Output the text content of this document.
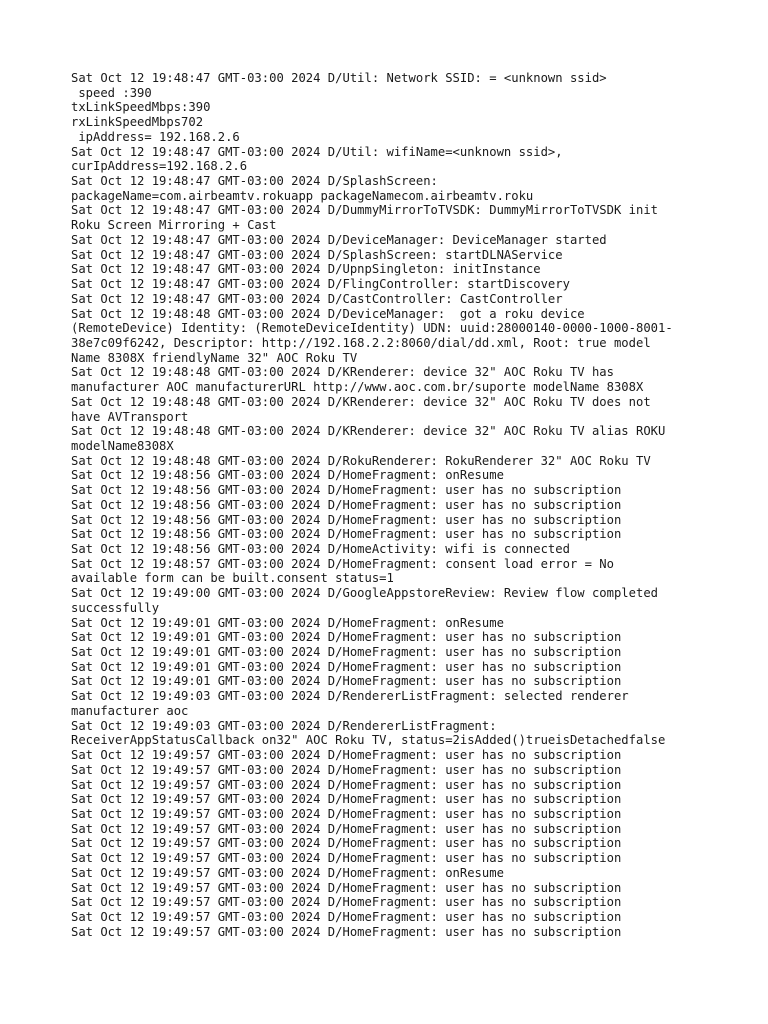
Sat Oct 12 19:48:47 GMT-03:00 2024 D/Util: Network SSID: = <unknown ssid>
speed :390
txLinkSpeedMbps:390
rxLinkSpeedMbps702
ipAddress= 192.168.2.6
Sat Oct 12 19:48:47 GMT-03:00 2024 D/Util: wifiName=<unknown ssid>,
curIpAddress=192.168.2.6
Sat Oct 12 19:48:47 GMT-03:00 2024 D/SplashScreen:
packageName=com.airbeamtv.rokuapp packageNamecom.airbeamtv.roku
Sat Oct 12 19:48:47 GMT-03:00 2024 D/DummyMirrorToTVSDK: DummyMirrorToTVSDK init
Roku Screen Mirroring + Cast
Sat Oct 12 19:48:47 GMT-03:00 2024 D/DeviceManager: DeviceManager started
Sat Oct 12 19:48:47 GMT-03:00 2024 D/SplashScreen: startDLNAService
Sat Oct 12 19:48:47 GMT-03:00 2024 D/UpnpSingleton: initInstance
Sat Oct 12 19:48:47 GMT-03:00 2024 D/FlingController: startDiscovery
Sat Oct 12 19:48:47 GMT-03:00 2024 D/CastController: CastController
Sat Oct 12 19:48:48 GMT-03:00 2024 D/DeviceManager:  got a roku device
(RemoteDevice) Identity: (RemoteDeviceIdentity) UDN: uuid:28000140-0000-1000-8001-
38e7c09f6242, Descriptor: http://192.168.2.2:8060/dial/dd.xml, Root: true model
Name 8308X friendlyName 32" AOC Roku TV
Sat Oct 12 19:48:48 GMT-03:00 2024 D/KRenderer: device 32" AOC Roku TV has
manufacturer AOC manufacturerURL http://www.aoc.com.br/suporte modelName 8308X
Sat Oct 12 19:48:48 GMT-03:00 2024 D/KRenderer: device 32" AOC Roku TV does not
have AVTransport
Sat Oct 12 19:48:48 GMT-03:00 2024 D/KRenderer: device 32" AOC Roku TV alias ROKU
modelName8308X
Sat Oct 12 19:48:48 GMT-03:00 2024 D/RokuRenderer: RokuRenderer 32" AOC Roku TV
Sat Oct 12 19:48:56 GMT-03:00 2024 D/HomeFragment: onResume
Sat Oct 12 19:48:56 GMT-03:00 2024 D/HomeFragment: user has no subscription
Sat Oct 12 19:48:56 GMT-03:00 2024 D/HomeFragment: user has no subscription
Sat Oct 12 19:48:56 GMT-03:00 2024 D/HomeFragment: user has no subscription
Sat Oct 12 19:48:56 GMT-03:00 2024 D/HomeFragment: user has no subscription
Sat Oct 12 19:48:56 GMT-03:00 2024 D/HomeActivity: wifi is connected
Sat Oct 12 19:48:57 GMT-03:00 2024 D/HomeFragment: consent load error = No
available form can be built.consent status=1
Sat Oct 12 19:49:00 GMT-03:00 2024 D/GoogleAppstoreReview: Review flow completed
successfully
Sat Oct 12 19:49:01 GMT-03:00 2024 D/HomeFragment: onResume
Sat Oct 12 19:49:01 GMT-03:00 2024 D/HomeFragment: user has no subscription
Sat Oct 12 19:49:01 GMT-03:00 2024 D/HomeFragment: user has no subscription
Sat Oct 12 19:49:01 GMT-03:00 2024 D/HomeFragment: user has no subscription
Sat Oct 12 19:49:01 GMT-03:00 2024 D/HomeFragment: user has no subscription
Sat Oct 12 19:49:03 GMT-03:00 2024 D/RendererListFragment: selected renderer
manufacturer aoc
Sat Oct 12 19:49:03 GMT-03:00 2024 D/RendererListFragment:
ReceiverAppStatusCallback on32" AOC Roku TV, status=2isAdded()trueisDetachedfalse
Sat Oct 12 19:49:57 GMT-03:00 2024 D/HomeFragment: user has no subscription
Sat Oct 12 19:49:57 GMT-03:00 2024 D/HomeFragment: user has no subscription
Sat Oct 12 19:49:57 GMT-03:00 2024 D/HomeFragment: user has no subscription
Sat Oct 12 19:49:57 GMT-03:00 2024 D/HomeFragment: user has no subscription
Sat Oct 12 19:49:57 GMT-03:00 2024 D/HomeFragment: user has no subscription
Sat Oct 12 19:49:57 GMT-03:00 2024 D/HomeFragment: user has no subscription
Sat Oct 12 19:49:57 GMT-03:00 2024 D/HomeFragment: user has no subscription
Sat Oct 12 19:49:57 GMT-03:00 2024 D/HomeFragment: user has no subscription
Sat Oct 12 19:49:57 GMT-03:00 2024 D/HomeFragment: onResume
Sat Oct 12 19:49:57 GMT-03:00 2024 D/HomeFragment: user has no subscription
Sat Oct 12 19:49:57 GMT-03:00 2024 D/HomeFragment: user has no subscription
Sat Oct 12 19:49:57 GMT-03:00 2024 D/HomeFragment: user has no subscription
Sat Oct 12 19:49:57 GMT-03:00 2024 D/HomeFragment: user has no subscription
